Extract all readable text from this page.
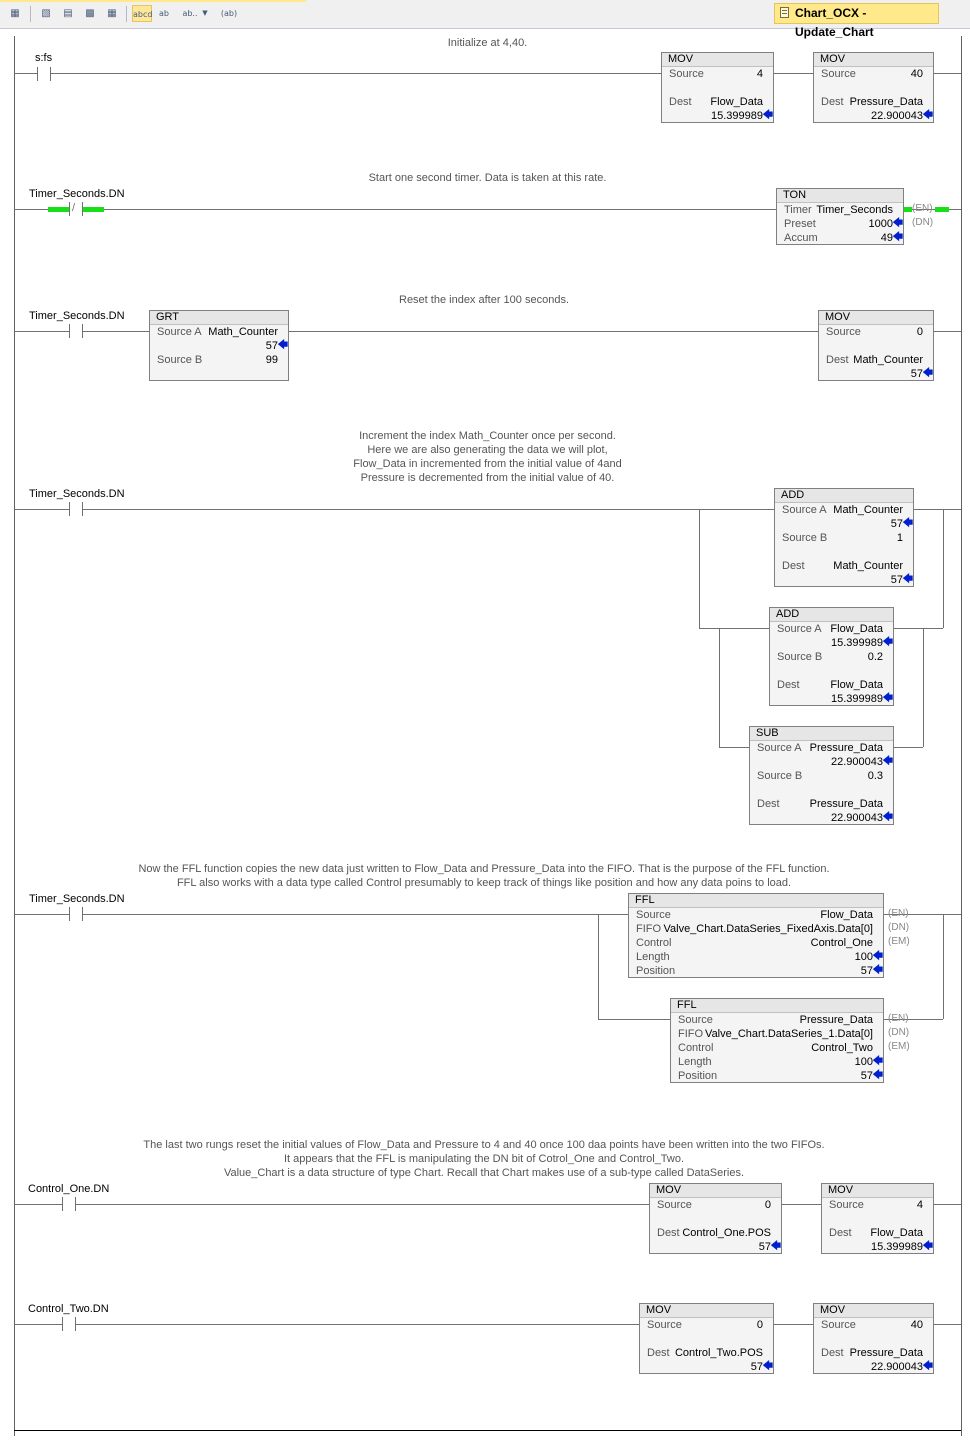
▦	▧	▤	▩	▦	abcd ab	ab.. ▼ (ab)	Chart_OCX - Update_Chart
Initialize at 4,40.
s:fs	MOV
Source	4
Dest Flow_Data
15.399989 🡄
MOV
Source	40
Dest Pressure_Data
22.900043 🡄
Start one second timer. Data is taken at this rate.
Timer_Seconds.DN
/
TON
Timer Timer_Seconds
Preset	1000 🡄
Accum	49 🡄
(EN)
(DN)
Reset the index after 100 seconds.
Timer_Seconds.DN	GRT
Source A Math_Counter
57 🡄
Source B	99
MOV
Source	0
Dest Math_Counter
57 🡄
Increment the index Math_Counter once per second.
Here we are also generating the data we will plot,
Flow_Data in incremented from the initial value of 4and
Pressure is decremented from the initial value of 40.
Timer_Seconds.DN	ADD
Source A Math_Counter
57 🡄
Source B	1
Dest	Math_Counter
57 🡄
ADD
Source A Flow_Data
15.399989 🡄
Source B	0.2
Dest	Flow_Data
15.399989 🡄
SUB
Source A Pressure_Data
22.900043 🡄
Source B	0.3
Dest	Pressure_Data
22.900043 🡄
Now the FFL function copies the new data just written to Flow_Data and Pressure_Data into the FIFO. That is the purpose of the FFL function.
FFL also works with a data type called Control presumably to keep track of things like position and how any data poins to load.
Timer_Seconds.DN	FFL
Source	Flow_Data
FIFO Valve_Chart.DataSeries_FixedAxis.Data[0]
Control	Control_One
Length	100 🡄
Position	57 🡄
(EN)
(DN)
(EM)
FFL
Source	Pressure_Data
FIFO Valve_Chart.DataSeries_1.Data[0]
Control	Control_Two
Length	100 🡄
Position	57 🡄
(EN)
(DN)
(EM)
The last two rungs reset the initial values of Flow_Data and Pressure to 4 and 40 once 100 daa points have been written into the two FIFOs.
It appears that the FFL is manipulating the DN bit of Cotrol_One and Control_Two.
Value_Chart is a data structure of type Chart. Recall that Chart makes use of a sub-type called DataSeries.
Control_One.DN	MOV
Source	0
Dest Control_One.POS
57 🡄
MOV
Source	4
Dest Flow_Data
15.399989 🡄
Control_Two.DN	MOV
Source	0
Dest Control_Two.POS
57 🡄
MOV
Source	40
Dest Pressure_Data
22.900043 🡄
